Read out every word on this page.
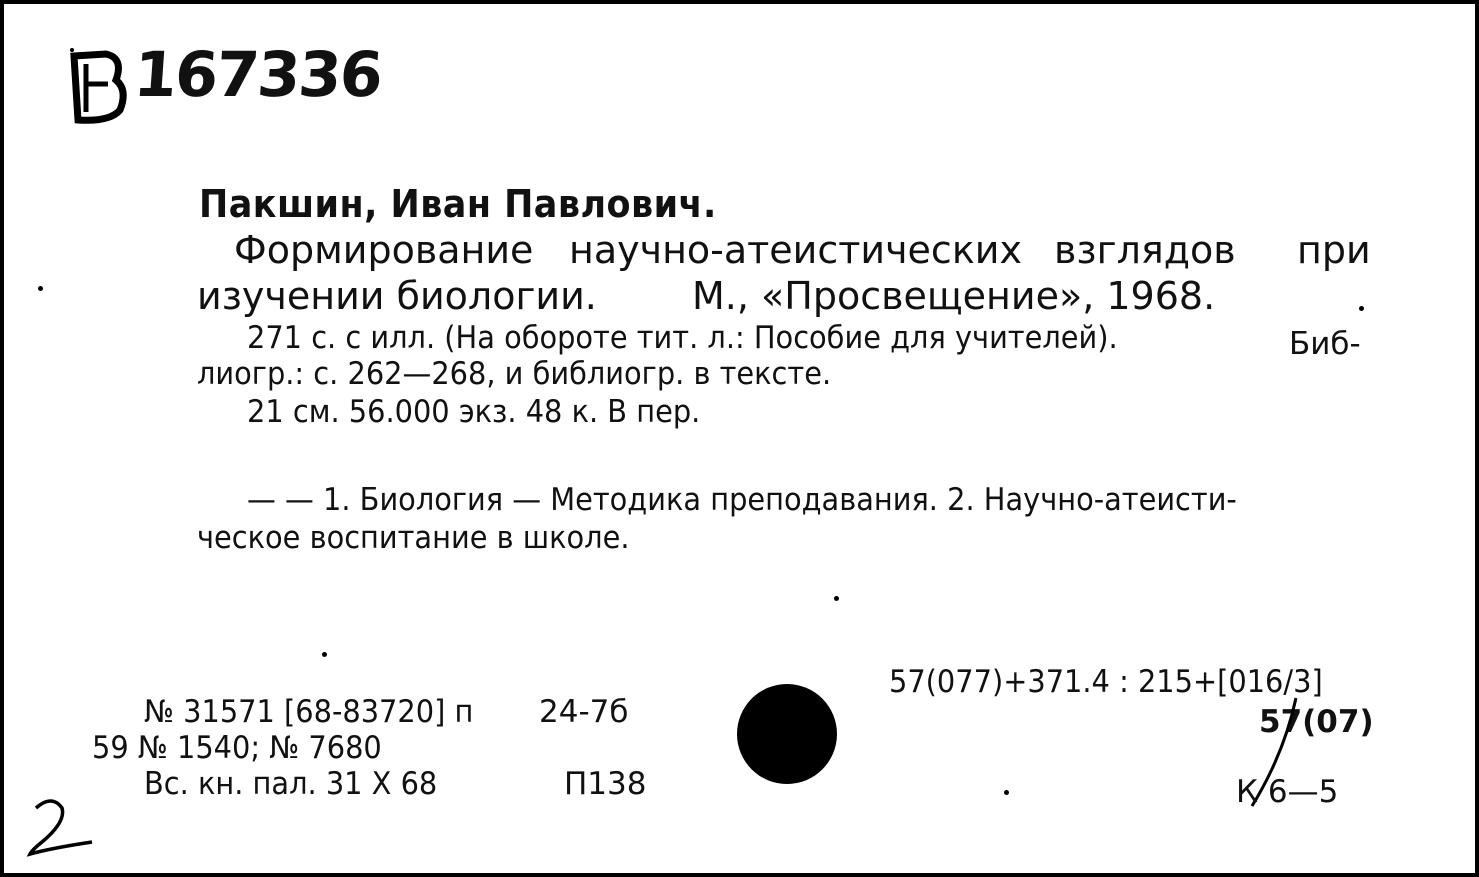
167336
Пакшин, Иван Павлович.
Формирование научно-атеистических взглядов при
изучении биологии.	М., «Просвещение», 1968.
271 с. с илл. (На обороте тит. л.: Пособие для учителей).	Биб-
лиогр.: с. 262—268, и библиогр. в тексте.
21 см. 56.000 экз. 48 к. В пер.
— — 1. Биология — Методика преподавания. 2. Научно-атеисти-
ческое воспитание в школе.
57(077)+371.4 : 215+[016/3]
57(07)
К 6—5
№ 31571 [68-83720] п 24-7б
59 № 1540; № 7680
Вс. кн. пал. 31 X 68	П138
